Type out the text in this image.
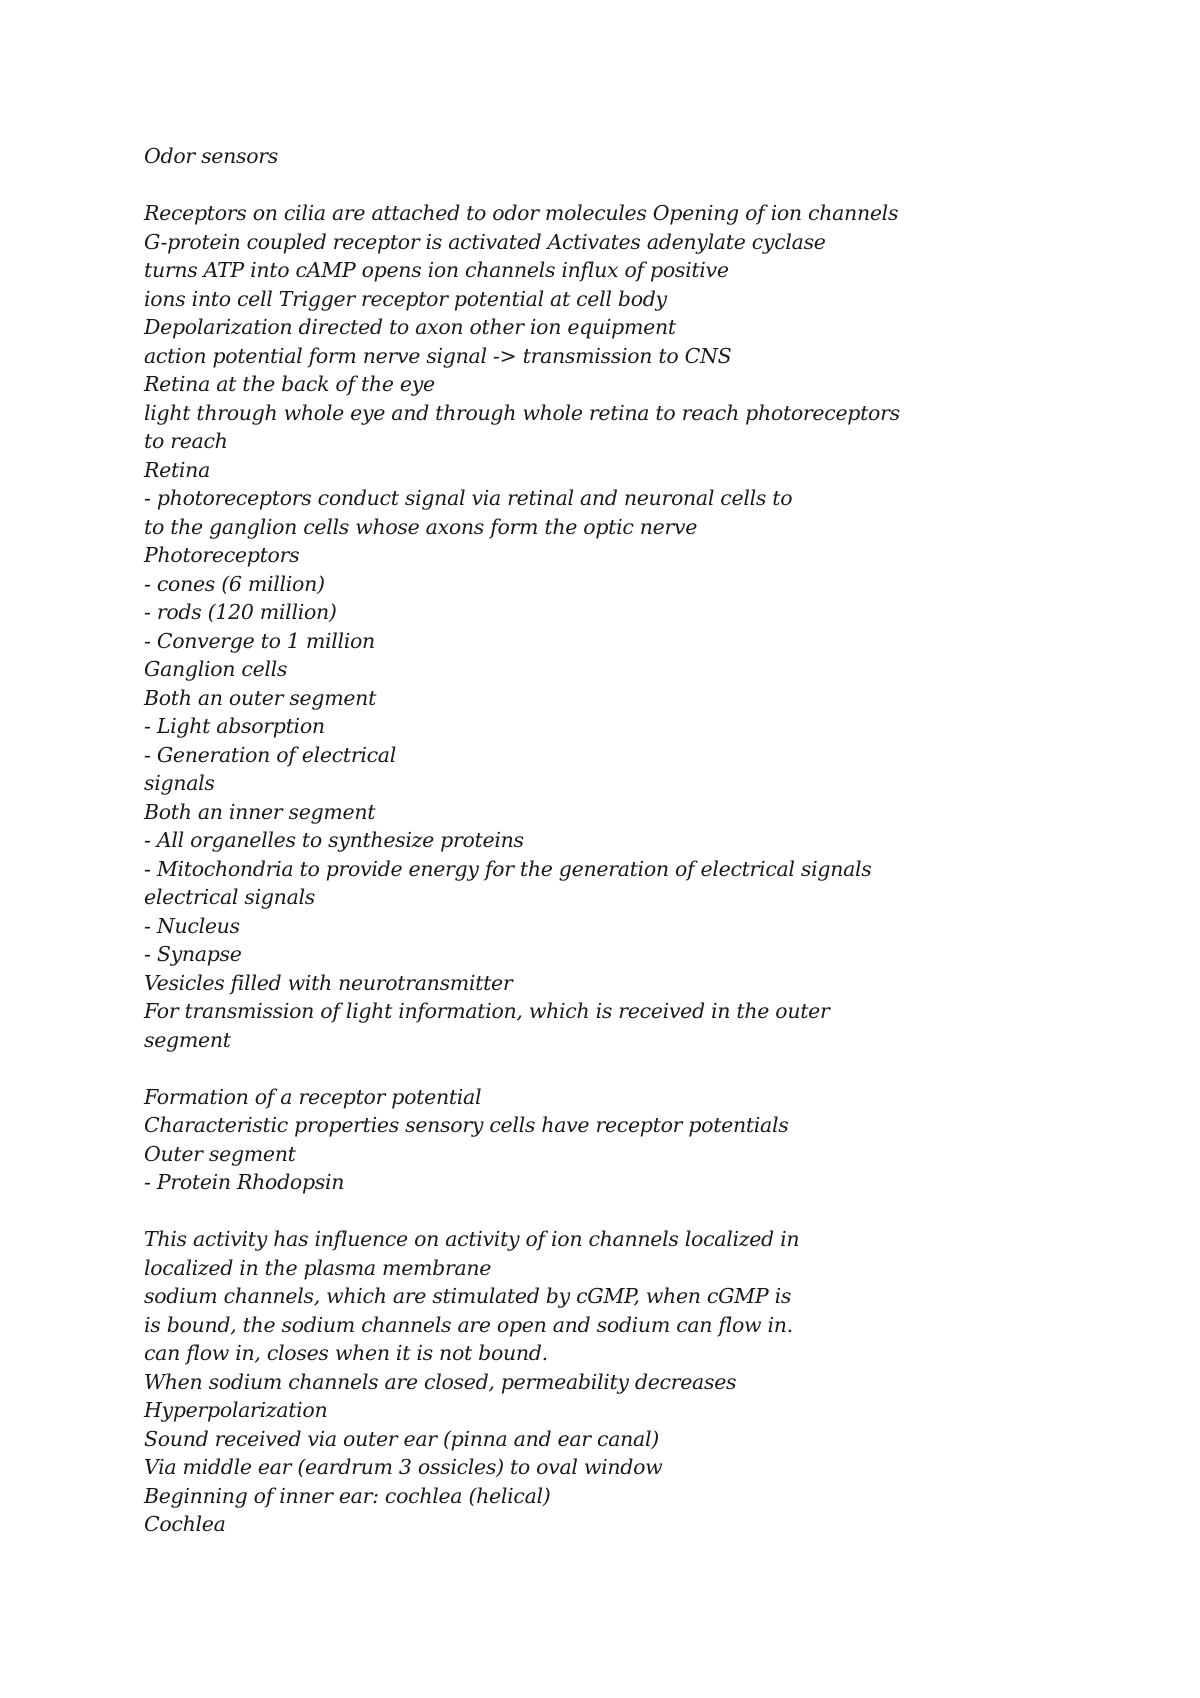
Odor sensors
Receptors on cilia are attached to odor molecules Opening of ion channels
G-protein coupled receptor is activated Activates adenylate cyclase
turns ATP into cAMP opens ion channels influx of positive
ions into cell Trigger receptor potential at cell body
Depolarization directed to axon other ion equipment
action potential form nerve signal -> transmission to CNS
Retina at the back of the eye
light through whole eye and through whole retina to reach photoreceptors
to reach
Retina
- photoreceptors conduct signal via retinal and neuronal cells to
to the ganglion cells whose axons form the optic nerve
Photoreceptors
- cones (6 million)
- rods (120 million)
- Converge to 1 million
Ganglion cells
Both an outer segment
- Light absorption
- Generation of electrical
signals
Both an inner segment
- All organelles to synthesize proteins
- Mitochondria to provide energy for the generation of electrical signals
electrical signals
- Nucleus
- Synapse
Vesicles filled with neurotransmitter
For transmission of light information, which is received in the outer
segment
Formation of a receptor potential
Characteristic properties sensory cells have receptor potentials
Outer segment
- Protein Rhodopsin
This activity has influence on activity of ion channels localized in
localized in the plasma membrane
sodium channels, which are stimulated by cGMP, when cGMP is
is bound, the sodium channels are open and sodium can flow in.
can flow in, closes when it is not bound.
When sodium channels are closed, permeability decreases
Hyperpolarization
Sound received via outer ear (pinna and ear canal)
Via middle ear (eardrum 3 ossicles) to oval window
Beginning of inner ear: cochlea (helical)
Cochlea
